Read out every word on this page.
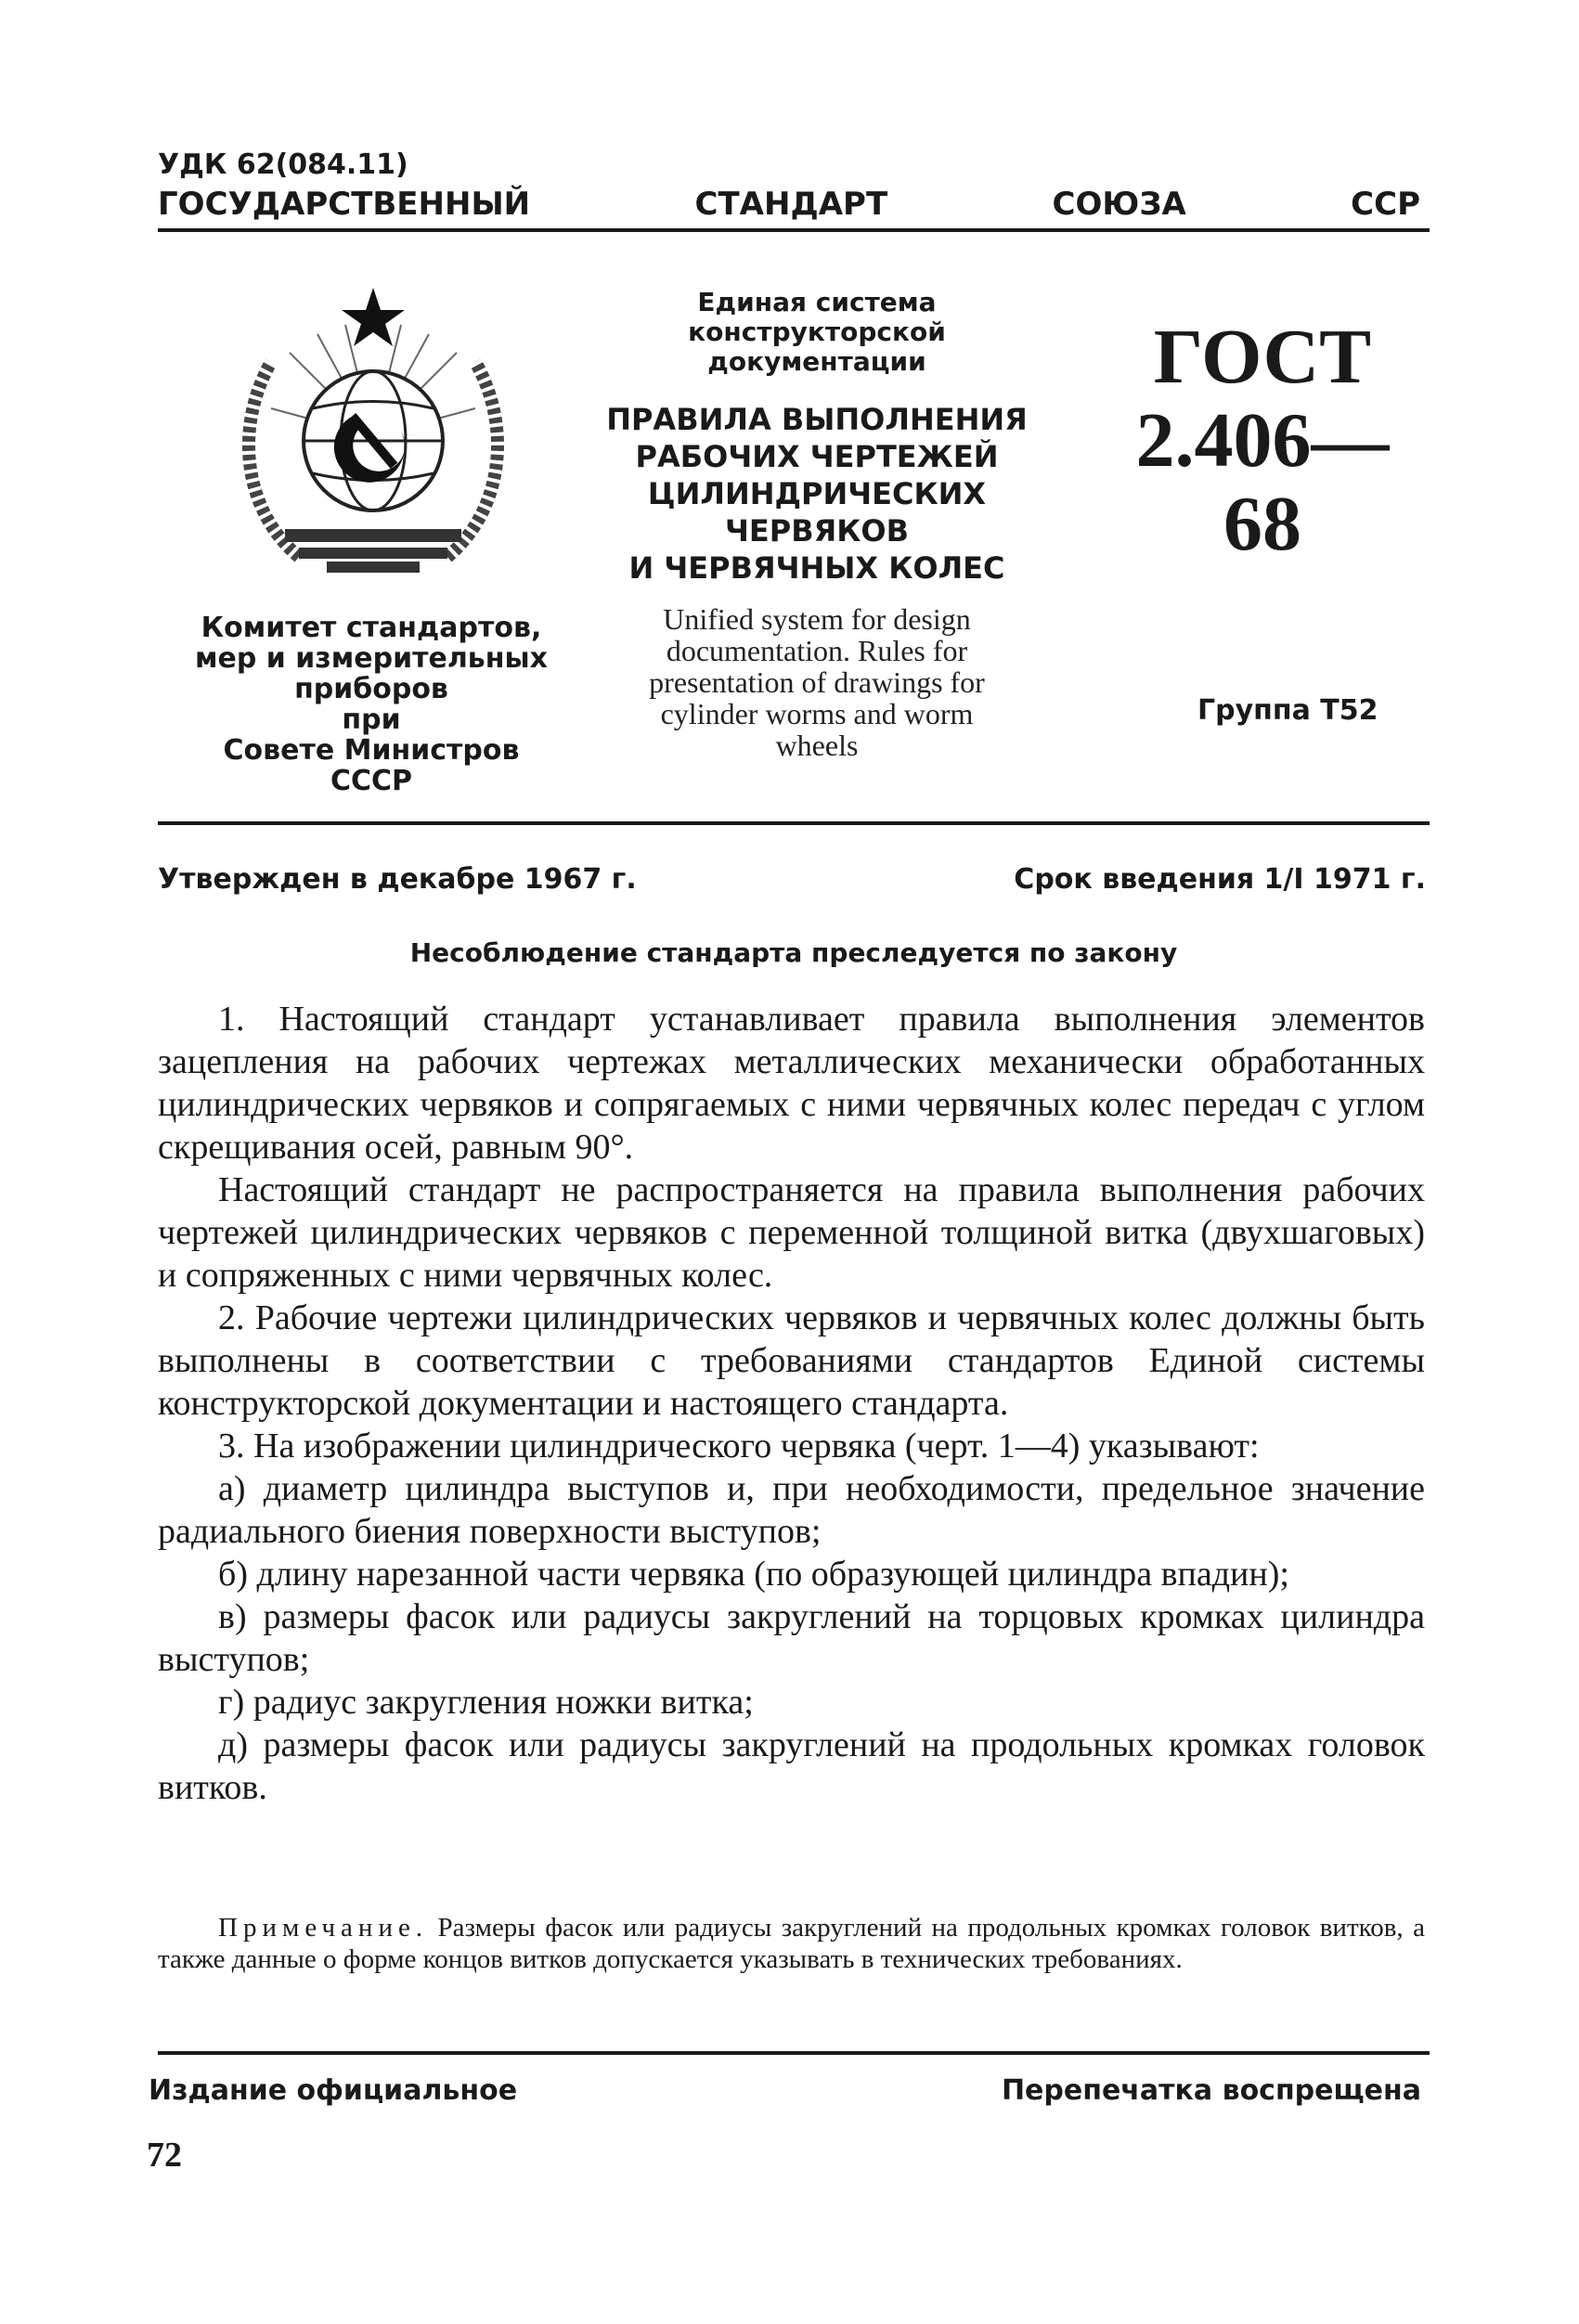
УДК 62(084.11)
ГОСУДАРСТВЕННЫЙ	СТАНДАРТ	СОЮЗА	ССР
Комитет стандартов,
мер и измерительных
приборов
при
Совете Министров
СССР
Единая система
конструкторской
документации
ПРАВИЛА ВЫПОЛНЕНИЯ
РАБОЧИХ ЧЕРТЕЖЕЙ
ЦИЛИНДРИЧЕСКИХ ЧЕРВЯКОВ
И ЧЕРВЯЧНЫХ КОЛЕС
Unified system for design
documentation. Rules for
presentation of drawings for
cylinder worms and worm
wheels
ГОСТ
2.406—68
Группа Т52
Утвержден в декабре 1967 г.	Срок введения 1/I 1971 г.
Несоблюдение стандарта преследуется по закону

1. Настоящий стандарт устанавливает правила выполнения элементов зацепления на рабочих чертежах металлических механически обработанных цилиндрических червяков и сопрягаемых с ними червячных колес передач с углом скрещивания осей, равным 90°.

Настоящий стандарт не распространяется на правила выполнения рабочих чертежей цилиндрических червяков с переменной толщиной витка (двухшаговых) и сопряженных с ними червячных колес.

2. Рабочие чертежи цилиндрических червяков и червячных колес должны быть выполнены в соответствии с требованиями стандартов Единой системы конструкторской документации и настоящего стандарта.

3. На изображении цилиндрического червяка (черт. 1—4) указывают:

а) диаметр цилиндра выступов и, при необходимости, предельное значение радиального биения поверхности выступов;

б) длину нарезанной части червяка (по образующей цилиндра впадин);

в) размеры фасок или радиусы закруглений на торцовых кромках цилиндра выступов;

г) радиус закругления ножки витка;

д) размеры фасок или радиусы закруглений на продольных кромках головок витков.

Примечание. Размеры фасок или радиусы закруглений на продольных кромках головок витков, а также данные о форме концов витков допускается указывать в технических требованиях.
Издание официальное	Перепечатка воспрещена
72
